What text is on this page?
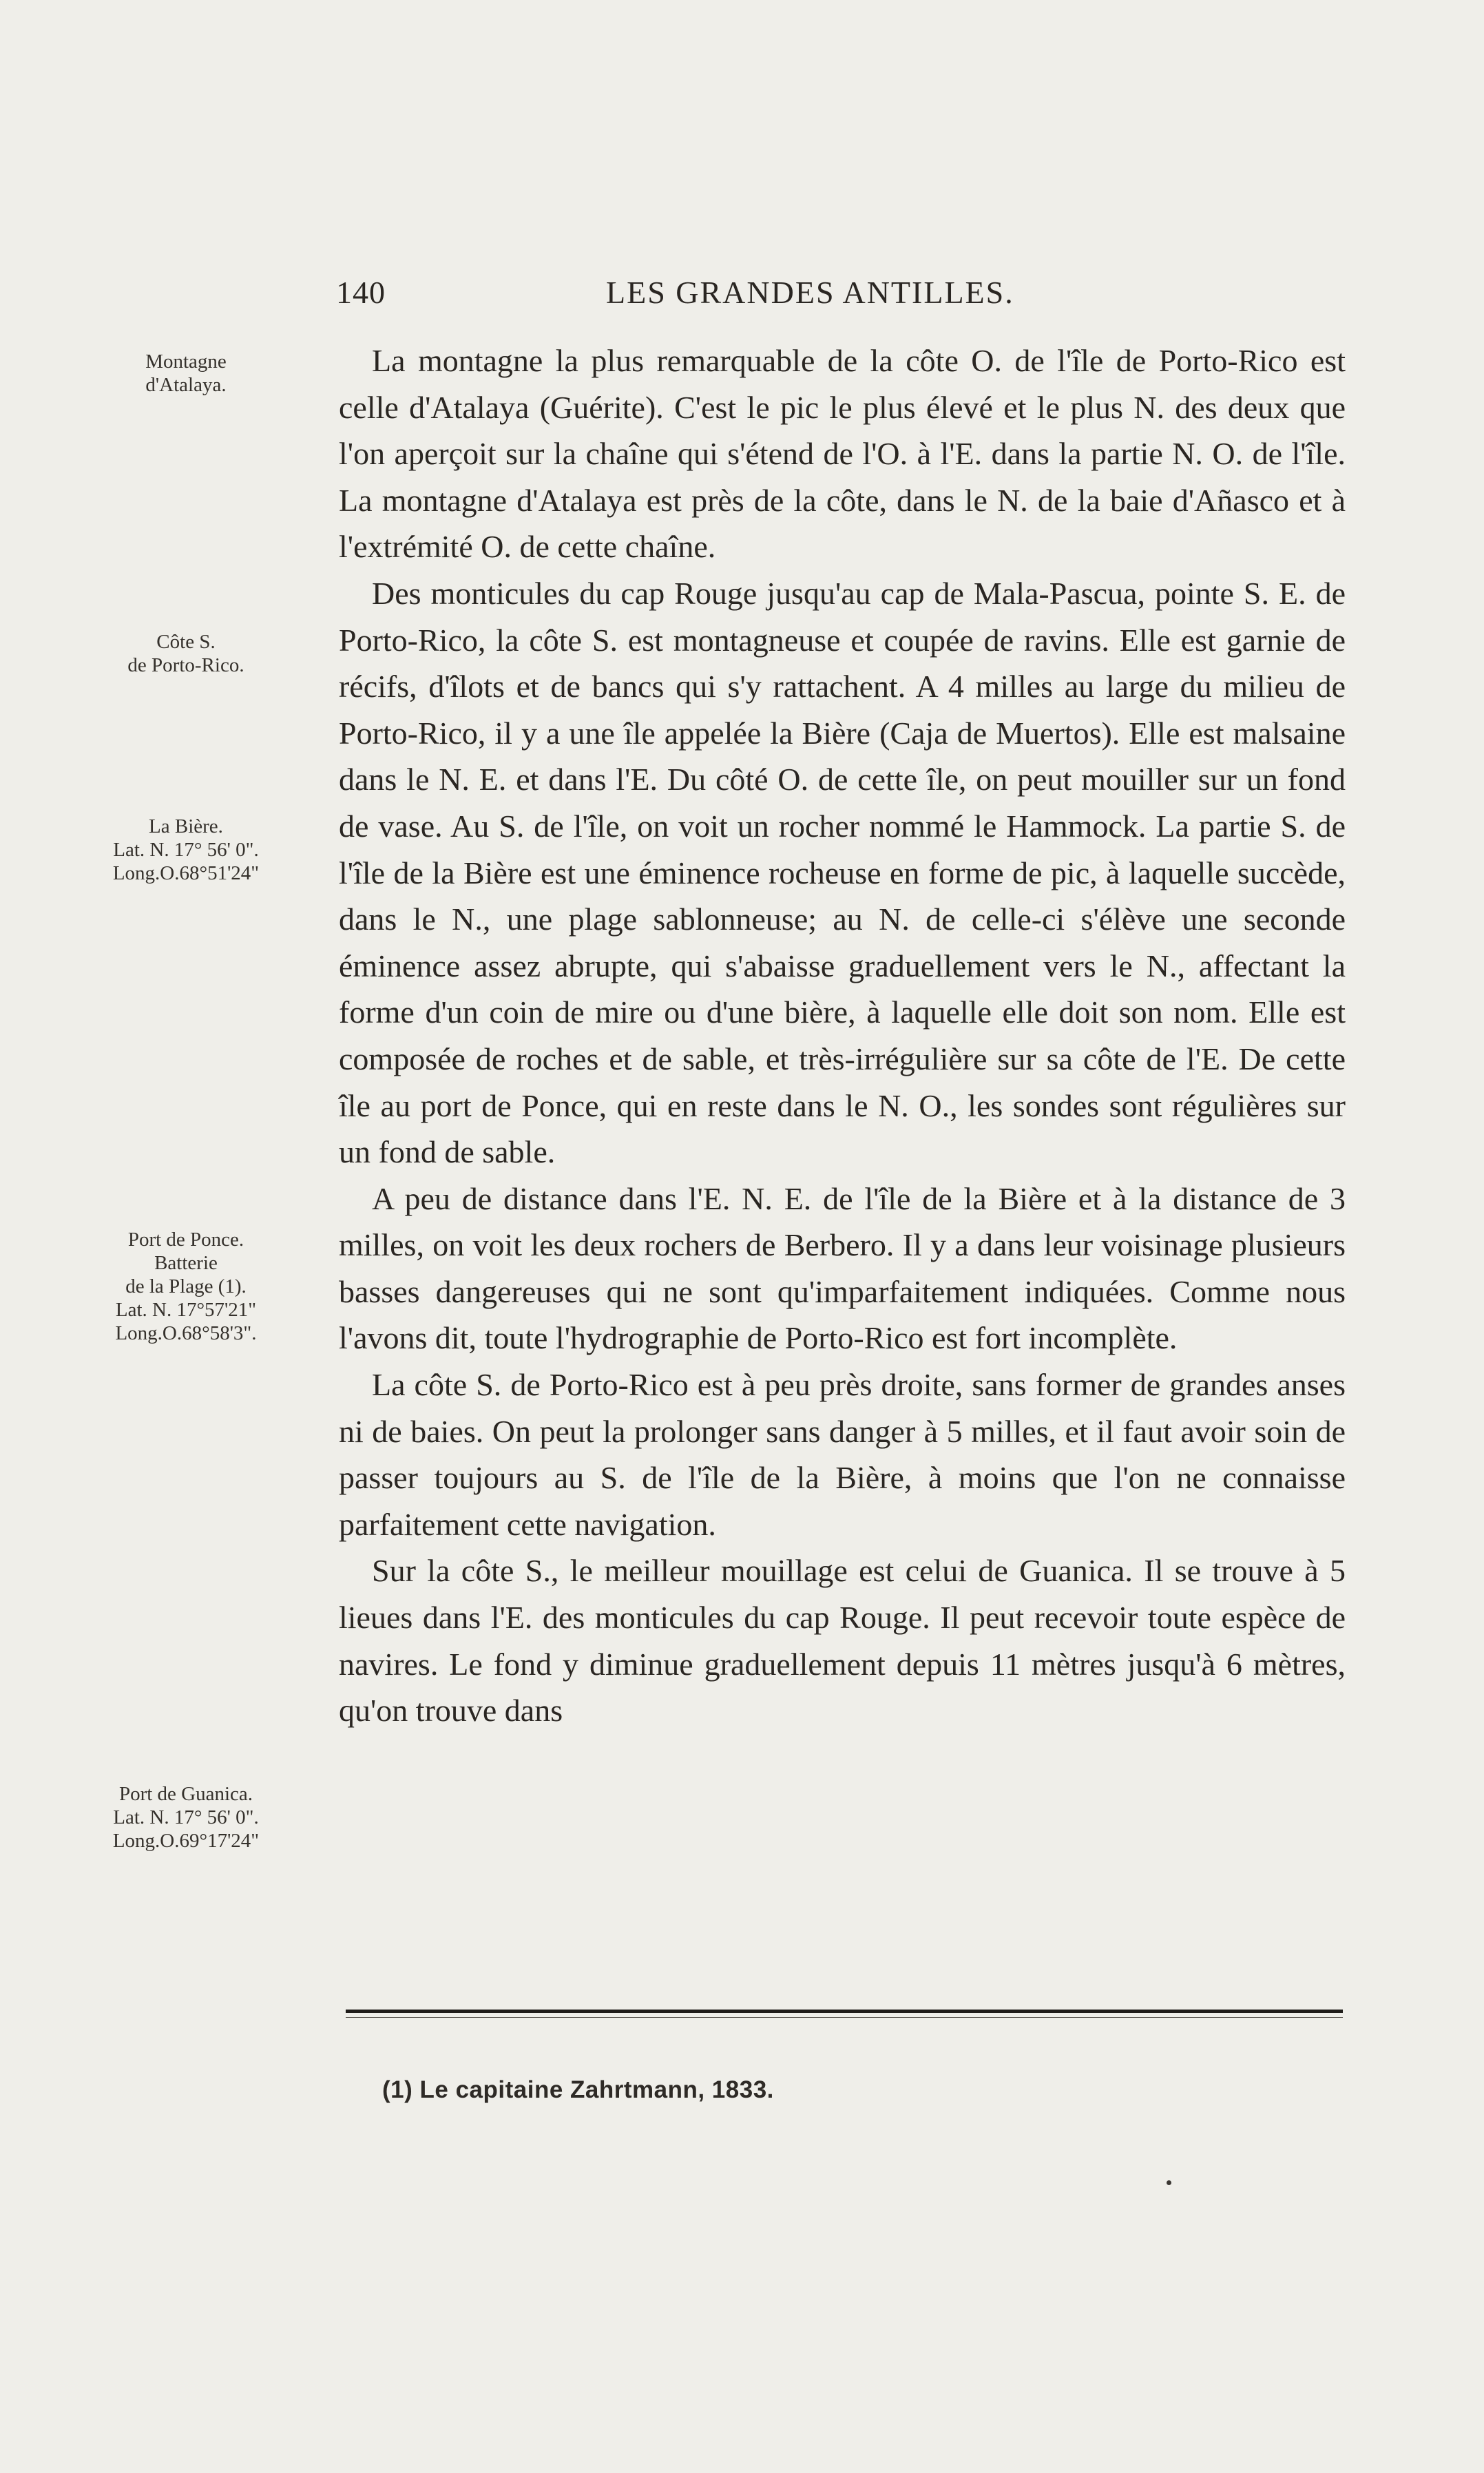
140	LES GRANDES ANTILLES.
Montagne
d'Atalaya.
Côte S.
de Porto-Rico.
La Bière.
Lat. N. 17° 56' 0".
Long.O.68°51'24"
Port de Ponce.
Batterie
de la Plage (1).
Lat. N. 17°57'21"
Long.O.68°58'3".
Port de Guanica.
Lat. N. 17° 56' 0".
Long.O.69°17'24"

La montagne la plus remarquable de la côte O. de l'île de Porto-Rico est celle d'Atalaya (Guérite). C'est le pic le plus élevé et le plus N. des deux que l'on aperçoit sur la chaîne qui s'étend de l'O. à l'E. dans la partie N. O. de l'île. La montagne d'Atalaya est près de la côte, dans le N. de la baie d'Añasco et à l'extrémité O. de cette chaîne.

Des monticules du cap Rouge jusqu'au cap de Mala-Pascua, pointe S. E. de Porto-Rico, la côte S. est montagneuse et coupée de ravins. Elle est garnie de récifs, d'îlots et de bancs qui s'y rattachent. A 4 milles au large du milieu de Porto-Rico, il y a une île appelée la Bière (Caja de Muertos). Elle est malsaine dans le N. E. et dans l'E. Du côté O. de cette île, on peut mouiller sur un fond de vase. Au S. de l'île, on voit un rocher nommé le Hammock. La partie S. de l'île de la Bière est une éminence rocheuse en forme de pic, à laquelle succède, dans le N., une plage sablonneuse; au N. de celle-ci s'élève une seconde éminence assez abrupte, qui s'abaisse graduellement vers le N., affectant la forme d'un coin de mire ou d'une bière, à laquelle elle doit son nom. Elle est composée de roches et de sable, et très-irrégulière sur sa côte de l'E. De cette île au port de Ponce, qui en reste dans le N. O., les sondes sont régulières sur un fond de sable.

A peu de distance dans l'E. N. E. de l'île de la Bière et à la distance de 3 milles, on voit les deux rochers de Berbero. Il y a dans leur voisinage plusieurs basses dangereuses qui ne sont qu'imparfaitement indiquées. Comme nous l'avons dit, toute l'hydrographie de Porto-Rico est fort incomplète.

La côte S. de Porto-Rico est à peu près droite, sans former de grandes anses ni de baies. On peut la prolonger sans danger à 5 milles, et il faut avoir soin de passer toujours au S. de l'île de la Bière, à moins que l'on ne connaisse parfaitement cette navigation.

Sur la côte S., le meilleur mouillage est celui de Guanica. Il se trouve à 5 lieues dans l'E. des monticules du cap Rouge. Il peut recevoir toute espèce de navires. Le fond y diminue graduellement depuis 11 mètres jusqu'à 6 mètres, qu'on trouve dans

(1) Le capitaine Zahrtmann, 1833.
